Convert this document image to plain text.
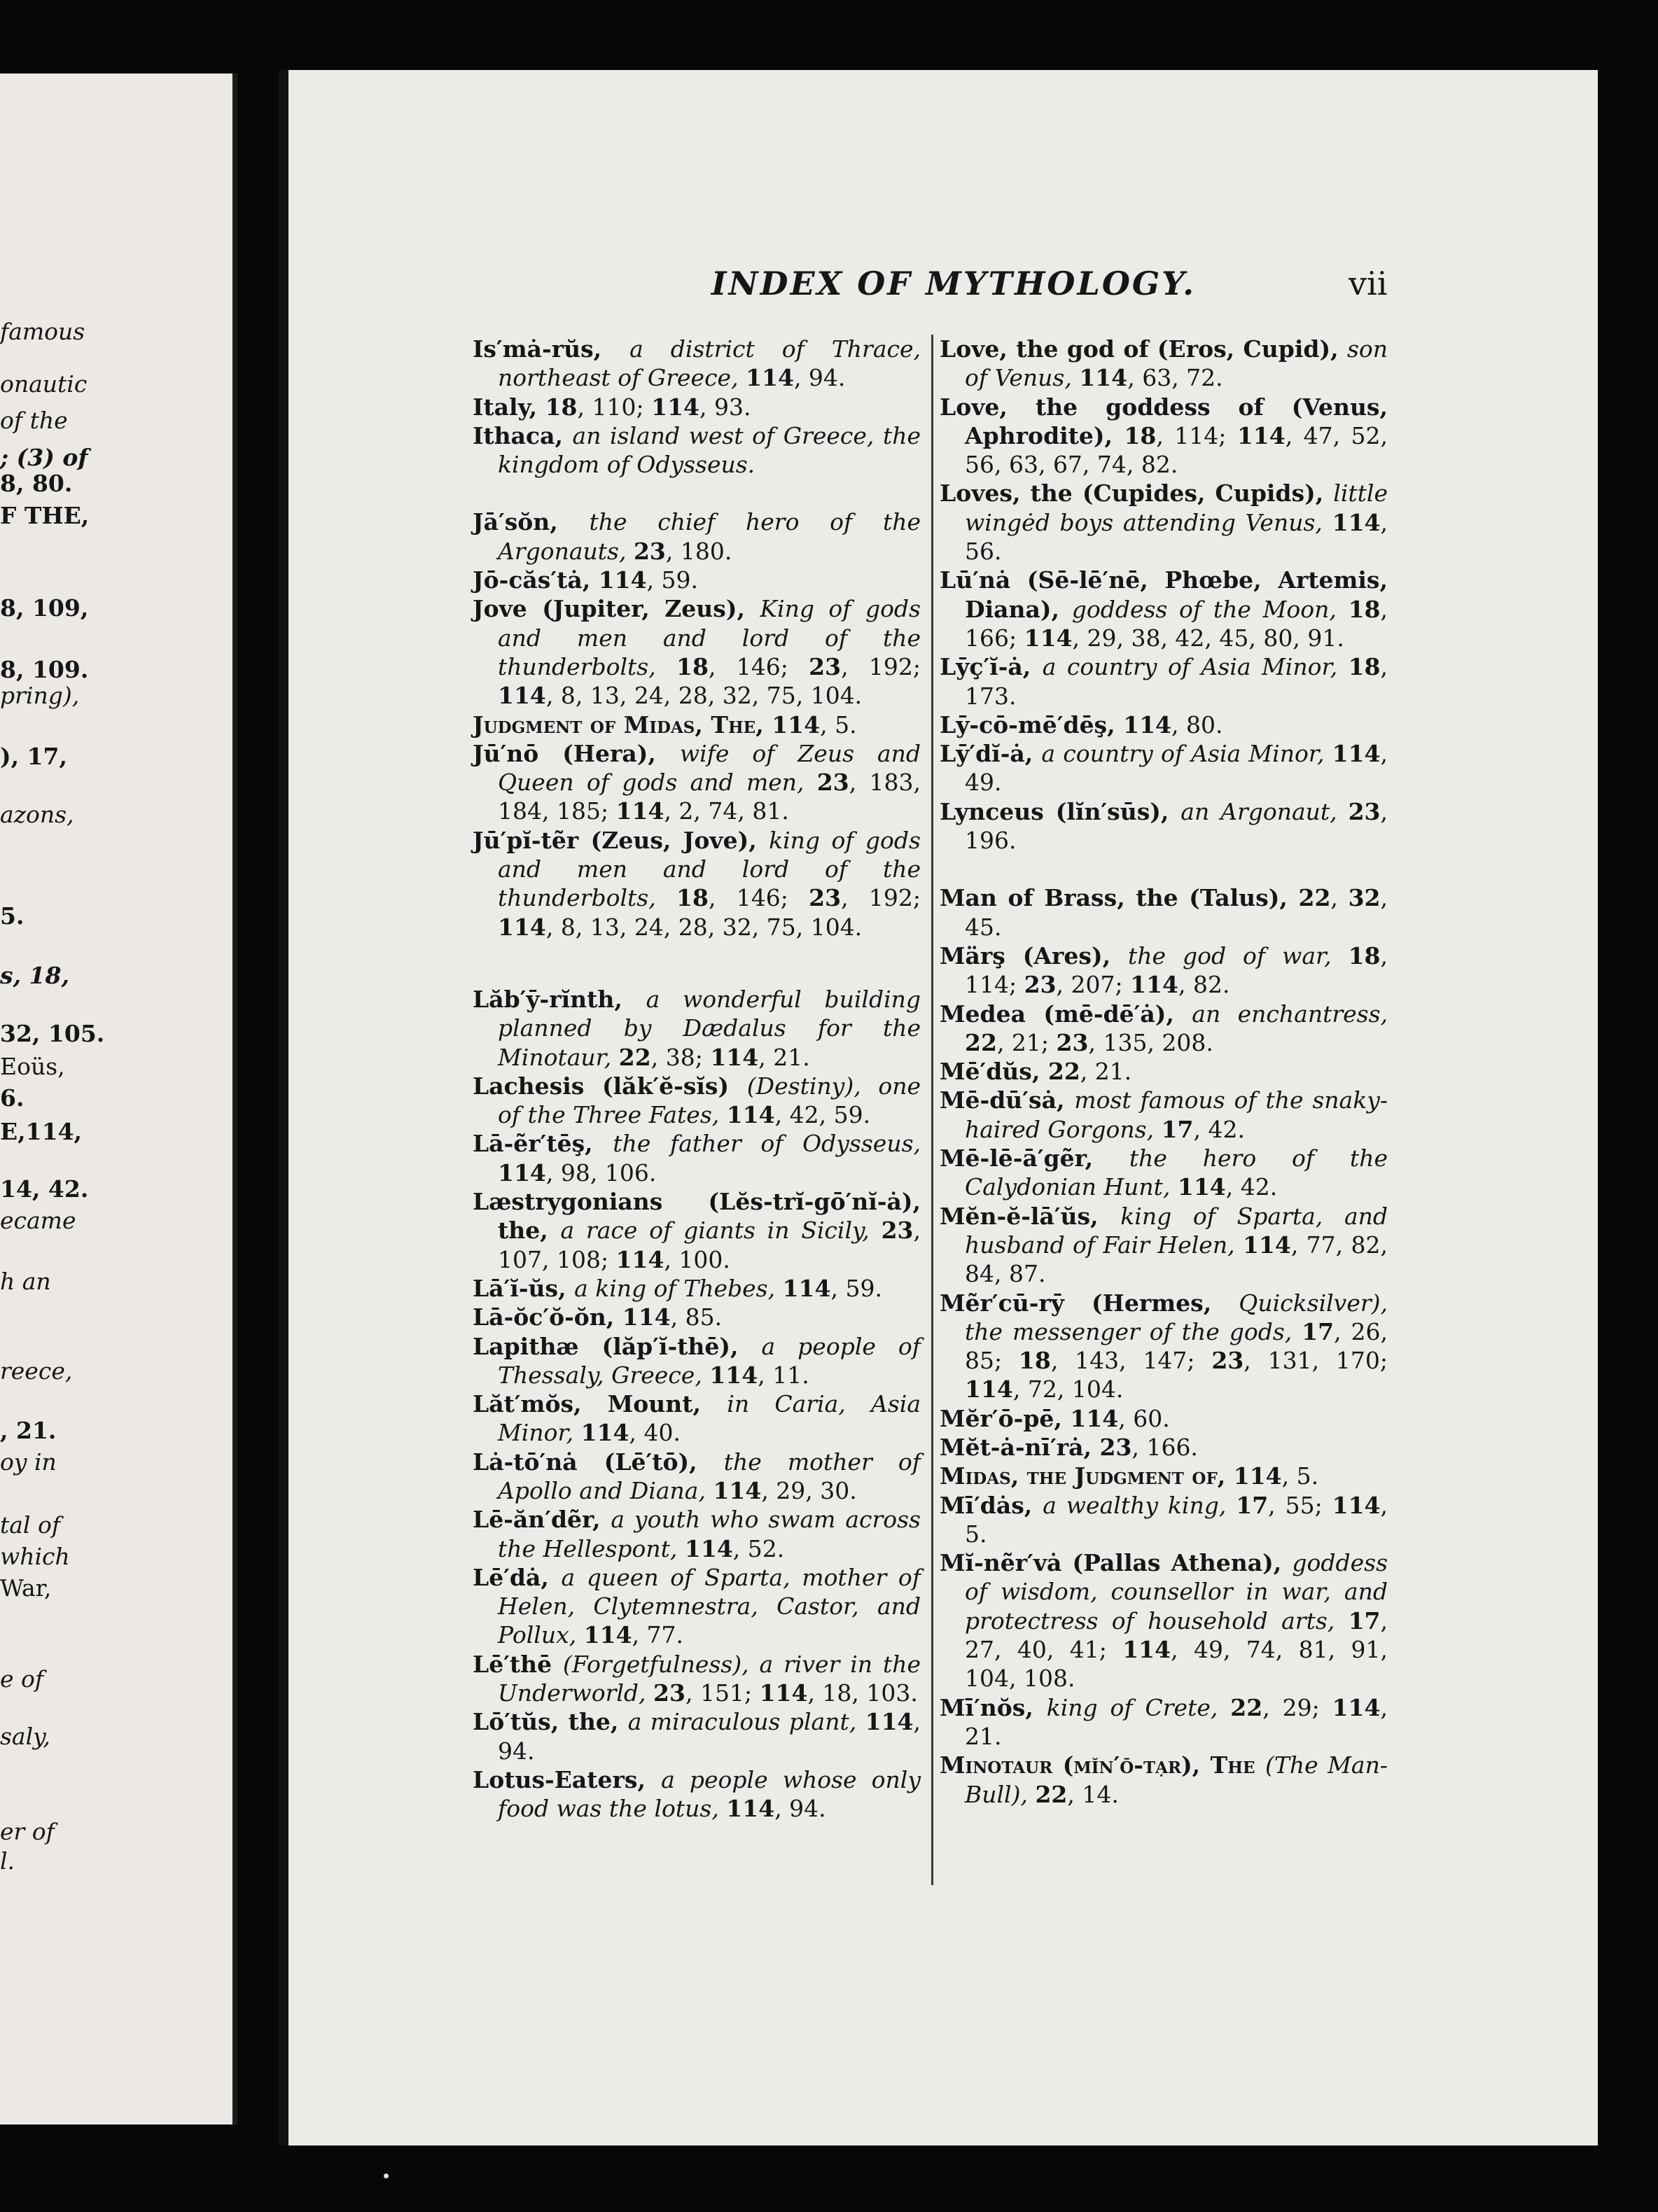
famous
onautic
of the
; (3) of
8, 80.
F THE,
8, 109,
8, 109.
pring),
), 17,
azons,
5.
s, 18,
32, 105.
Eoüs,
6.
E,114,
14, 42.
ecame
h an
reece,
, 21.
oy in
tal of
which
War,
e of
saly,
er of
l.
INDEX OF MYTHOLOGY.	vii
Is′mȧ-rŭs, a district of Thrace, northeast of Greece, 114, 94.
Italy, 18, 110; 114, 93.
Ithaca, an island west of Greece, the kingdom of Odysseus.
Jā′sŏn, the chief hero of the Argonauts, 23, 180.
Jō-căs′tȧ, 114, 59.
Jove (Jupiter, Zeus), King of gods and men and lord of the thunderbolts, 18, 146; 23, 192; 114, 8, 13, 24, 28, 32, 75, 104.
Judgment of Midas, The, 114, 5.
Jū′nō (Hera), wife of Zeus and Queen of gods and men, 23, 183, 184, 185; 114, 2, 74, 81.
Jū′pĭ-tẽr (Zeus, Jove), king of gods and men and lord of the thunderbolts, 18, 146; 23, 192; 114, 8, 13, 24, 28, 32, 75, 104.
Lăb′ȳ-rĭnth, a wonderful building planned by Dædalus for the Minotaur, 22, 38; 114, 21.
Lachesis (lăk′ĕ-sĭs) (Destiny), one of the Three Fates, 114, 42, 59.
Lā-ẽr′tēş, the father of Odysseus, 114, 98, 106.
Læstrygonians (Lĕs-trĭ-gō′nĭ-ȧ), the, a race of giants in Sicily, 23, 107, 108; 114, 100.
Lā′ĭ-ŭs, a king of Thebes, 114, 59.
Lā-ŏc′ŏ-ŏn, 114, 85.
Lapithæ (lăp′ĭ-thē), a people of Thessaly, Greece, 114, 11.
Lăt′mŏs, Mount, in Caria, Asia Minor, 114, 40.
Lȧ-tō′nȧ (Lē′tō), the mother of Apollo and Diana, 114, 29, 30.
Lē-ăn′dẽr, a youth who swam across the Hellespont, 114, 52.
Lē′dȧ, a queen of Sparta, mother of Helen, Clytemnestra, Castor, and Pollux, 114, 77.
Lē′thē (Forgetfulness), a river in the Underworld, 23, 151; 114, 18, 103.
Lō′tŭs, the, a miraculous plant, 114, 94.
Lotus-Eaters, a people whose only food was the lotus, 114, 94.
Love, the god of (Eros, Cupid), son of Venus, 114, 63, 72.
Love, the goddess of (Venus, Aphrodite), 18, 114; 114, 47, 52, 56, 63, 67, 74, 82.
Loves, the (Cupides, Cupids), little wingėd boys attending Venus, 114, 56.
Lū′nȧ (Sē-lē′nē, Phœbe, Artemis, Diana), goddess of the Moon, 18, 166; 114, 29, 38, 42, 45, 80, 91.
Lȳç′ĭ-ȧ, a country of Asia Minor, 18, 173.
Lȳ-cō-mē′dēş, 114, 80.
Lȳ′dĭ-ȧ, a country of Asia Minor, 114, 49.
Lynceus (lĭn′sūs), an Argonaut, 23, 196.
Man of Brass, the (Talus), 22, 32, 45.
Märş (Ares), the god of war, 18, 114; 23, 207; 114, 82.
Medea (mē-dē′ȧ), an enchantress, 22, 21; 23, 135, 208.
Mē′dŭs, 22, 21.
Mē-dū′sȧ, most famous of the snaky-haired Gorgons, 17, 42.
Mē-lē-ā′gẽr, the hero of the Calydonian Hunt, 114, 42.
Mĕn-ĕ-lā′ŭs, king of Sparta, and husband of Fair Helen, 114, 77, 82, 84, 87.
Mẽr′cū-rȳ (Hermes, Quicksilver), the messenger of the gods, 17, 26, 85; 18, 143, 147; 23, 131, 170; 114, 72, 104.
Mĕr′ō-pē, 114, 60.
Mĕt-ȧ-nī′rȧ, 23, 166.
Midas, the Judgment of, 114, 5.
Mī′dȧs, a wealthy king, 17, 55; 114, 5.
Mĭ-nẽr′vȧ (Pallas Athena), goddess of wisdom, counsellor in war, and protectress of household arts, 17, 27, 40, 41; 114, 49, 74, 81, 91, 104, 108.
Mī′nŏs, king of Crete, 22, 29; 114, 21.
Minotaur (mĭn′ō-tạr), The (The Man-Bull), 22, 14.
